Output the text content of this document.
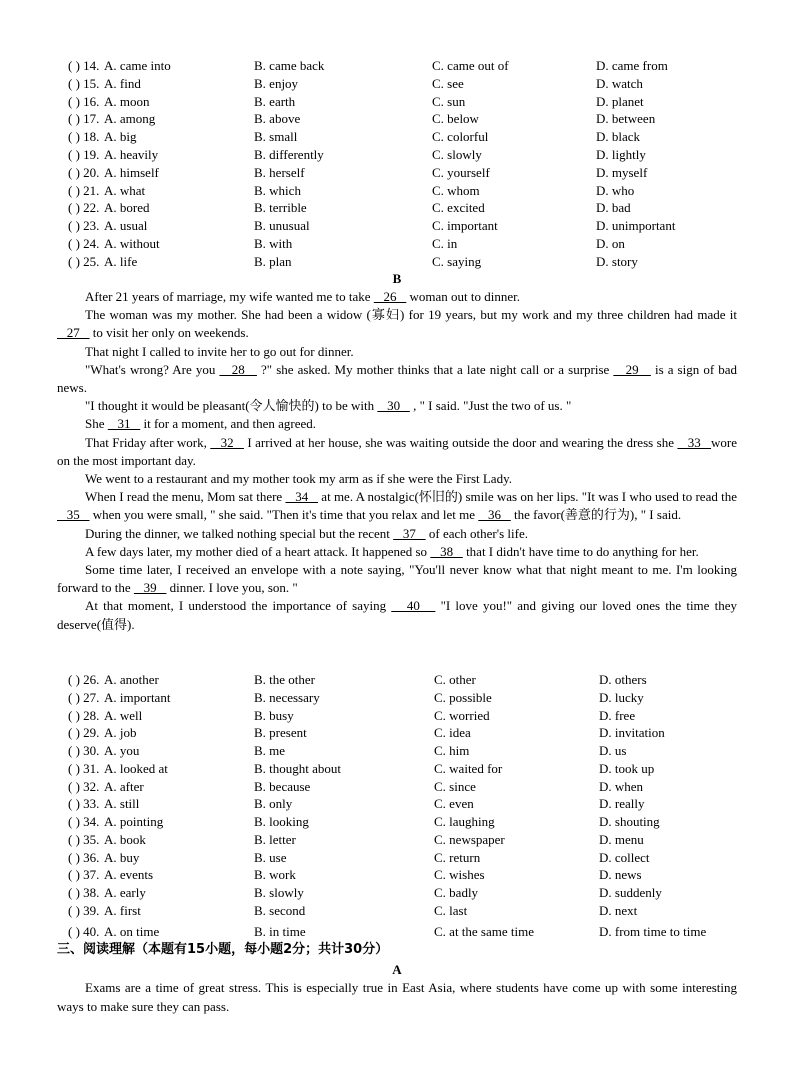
( ) 14. A. came into	B. came back	C. came out of	D. came from
( ) 15. A. find	B. enjoy	C. see	D. watch
( ) 16. A. moon	B. earth	C. sun	D. planet
( ) 17. A. among	B. above	C. below	D. between
( ) 18. A. big	B. small	C. colorful	D. black
( ) 19. A. heavily	B. differently	C. slowly	D. lightly
( ) 20. A. himself	B. herself	C. yourself	D. myself
( ) 21. A. what	B. which	C. whom	D. who
( ) 22. A. bored	B. terrible	C. excited	D. bad
( ) 23. A. usual	B. unusual	C. important	D. unimportant
( ) 24. A. without	B. with	C. in	D. on
( ) 25. A. life	B. plan	C. saying	D. story
B

After 21 years of marriage, my wife wanted me to take    26    woman out to dinner.

The woman was my mother. She had been a widow (寡妇) for 19 years, but my work and my three children had made it    27    to visit her only on weekends.

That night I called to invite her to go out for dinner.

"What's wrong? Are you    28    ?" she asked. My mother thinks that a late night call or a surprise    29    is a sign of bad news.

"I thought it would be pleasant(令人愉快的) to be with    30    , " I said. "Just the two of us. "

She    31    it for a moment, and then agreed.

That Friday after work,    32    I arrived at her house, she was waiting outside the door and wearing the dress she    33   wore on the most important day.

We went to a restaurant and my mother took my arm as if she were the First Lady.

When I read the menu, Mom sat there    34    at me. A nostalgic(怀旧的) smile was on her lips. "It was I who used to read the    35    when you were small, " she said. "Then it's time that you relax and let me    36    the favor(善意的行为), " I said.

During the dinner, we talked nothing special but the recent    37    of each other's life.

A few days later, my mother died of a heart attack. It happened so    38    that I didn't have time to do anything for her.

Some time later, I received an envelope with a note saying, "You'll never know what that night meant to me. I'm looking forward to the    39    dinner. I love you, son. "

At that moment, I understood the importance of saying    40    "I love you!" and giving our loved ones the time they deserve(值得).

( ) 26. A. another	B. the other	C. other	D. others
( ) 27. A. important	B. necessary	C. possible	D. lucky
( ) 28. A. well	B. busy	C. worried	D. free
( ) 29. A. job	B. present	C. idea	D. invitation
( ) 30. A. you	B. me	C. him	D. us
( ) 31. A. looked at	B. thought about	C. waited for	D. took up
( ) 32. A. after	B. because	C. since	D. when
( ) 33. A. still	B. only	C. even	D. really
( ) 34. A. pointing	B. looking	C. laughing	D. shouting
( ) 35. A. book	B. letter	C. newspaper	D. menu
( ) 36. A. buy	B. use	C. return	D. collect
( ) 37. A. events	B. work	C. wishes	D. news
( ) 38. A. early	B. slowly	C. badly	D. suddenly
( ) 39. A. first	B. second	C. last	D. next
( ) 40. A. on time	B. in time	C. at the same time	D. from time to time
三、阅读理解（本题有15小题，每小题2分；共计30分）
A

Exams are a time of great stress. This is especially true in East Asia, where students have come up with some interesting ways to make sure they can pass.
